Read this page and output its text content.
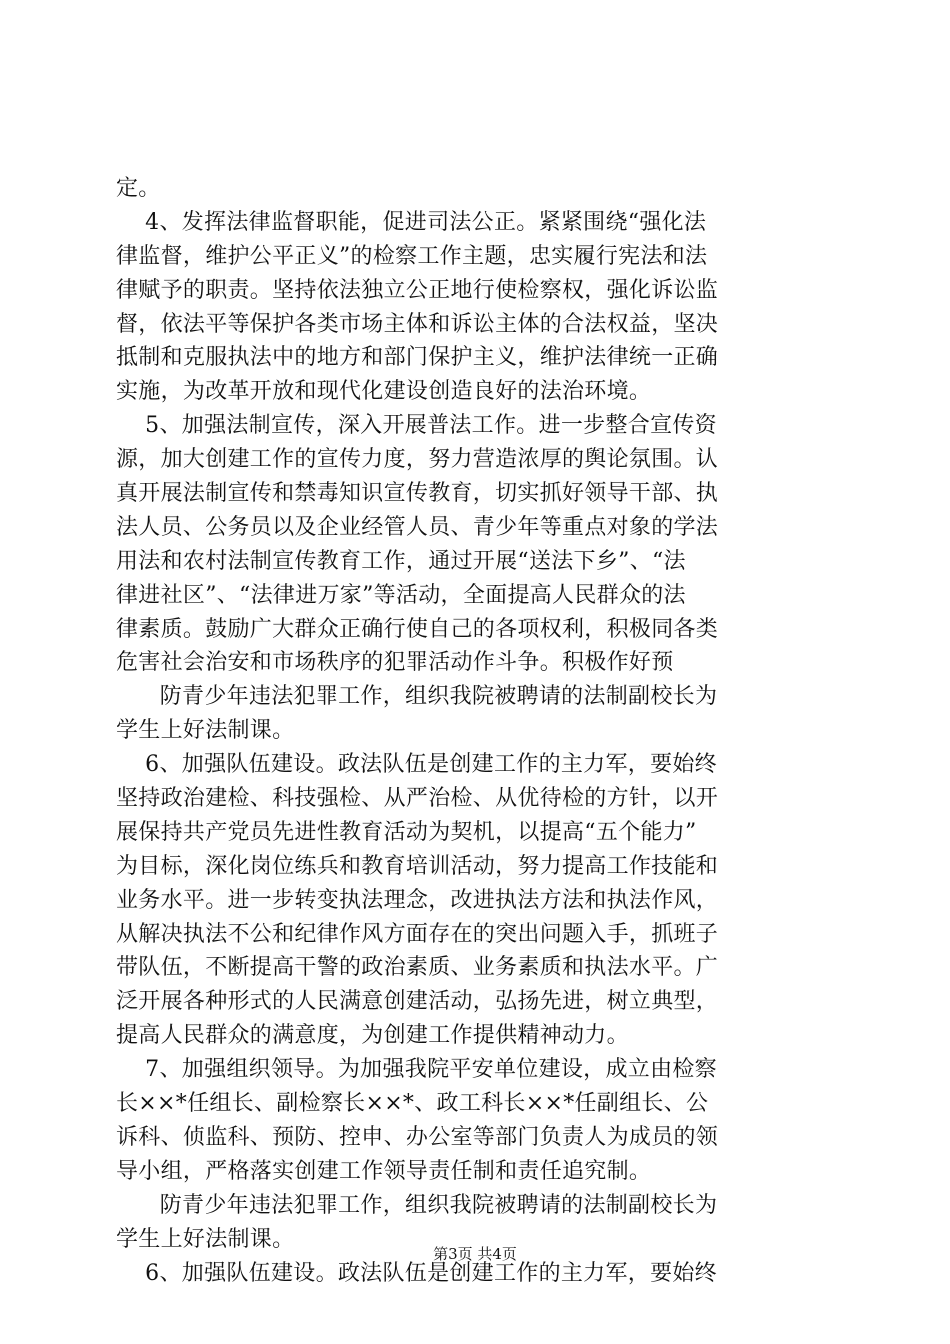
定。
4、发挥法律监督职能，促进司法公正。紧紧围绕“强化法
律监督，维护公平正义”的检察工作主题，忠实履行宪法和法
律赋予的职责。坚持依法独立公正地行使检察权，强化诉讼监
督，依法平等保护各类市场主体和诉讼主体的合法权益，坚决
抵制和克服执法中的地方和部门保护主义，维护法律统一正确
实施，为改革开放和现代化建设创造良好的法治环境。
5、加强法制宣传，深入开展普法工作。进一步整合宣传资
源，加大创建工作的宣传力度，努力营造浓厚的舆论氛围。认
真开展法制宣传和禁毒知识宣传教育，切实抓好领导干部、执
法人员、公务员以及企业经管人员、青少年等重点对象的学法
用法和农村法制宣传教育工作，通过开展“送法下乡”、“法
律进社区”、“法律进万家”等活动，全面提高人民群众的法
律素质。鼓励广大群众正确行使自己的各项权利，积极同各类
危害社会治安和市场秩序的犯罪活动作斗争。积极作好预
防青少年违法犯罪工作，组织我院被聘请的法制副校长为
学生上好法制课。
6、加强队伍建设。政法队伍是创建工作的主力军，要始终
坚持政治建检、科技强检、从严治检、从优待检的方针，以开
展保持共产党员先进性教育活动为契机，以提高“五个能力”
为目标，深化岗位练兵和教育培训活动，努力提高工作技能和
业务水平。进一步转变执法理念，改进执法方法和执法作风，
从解决执法不公和纪律作风方面存在的突出问题入手，抓班子
带队伍，不断提高干警的政治素质、业务素质和执法水平。广
泛开展各种形式的人民满意创建活动，弘扬先进，树立典型，
提高人民群众的满意度，为创建工作提供精神动力。
7、加强组织领导。为加强我院平安单位建设，成立由检察
长××*任组长、副检察长××*、政工科长××*任副组长、公
诉科、侦监科、预防、控申、办公室等部门负责人为成员的领
导小组，严格落实创建工作领导责任制和责任追究制。
防青少年违法犯罪工作，组织我院被聘请的法制副校长为
学生上好法制课。
6、加强队伍建设。政法队伍是创建工作的主力军，要始终
第3页 共4页
